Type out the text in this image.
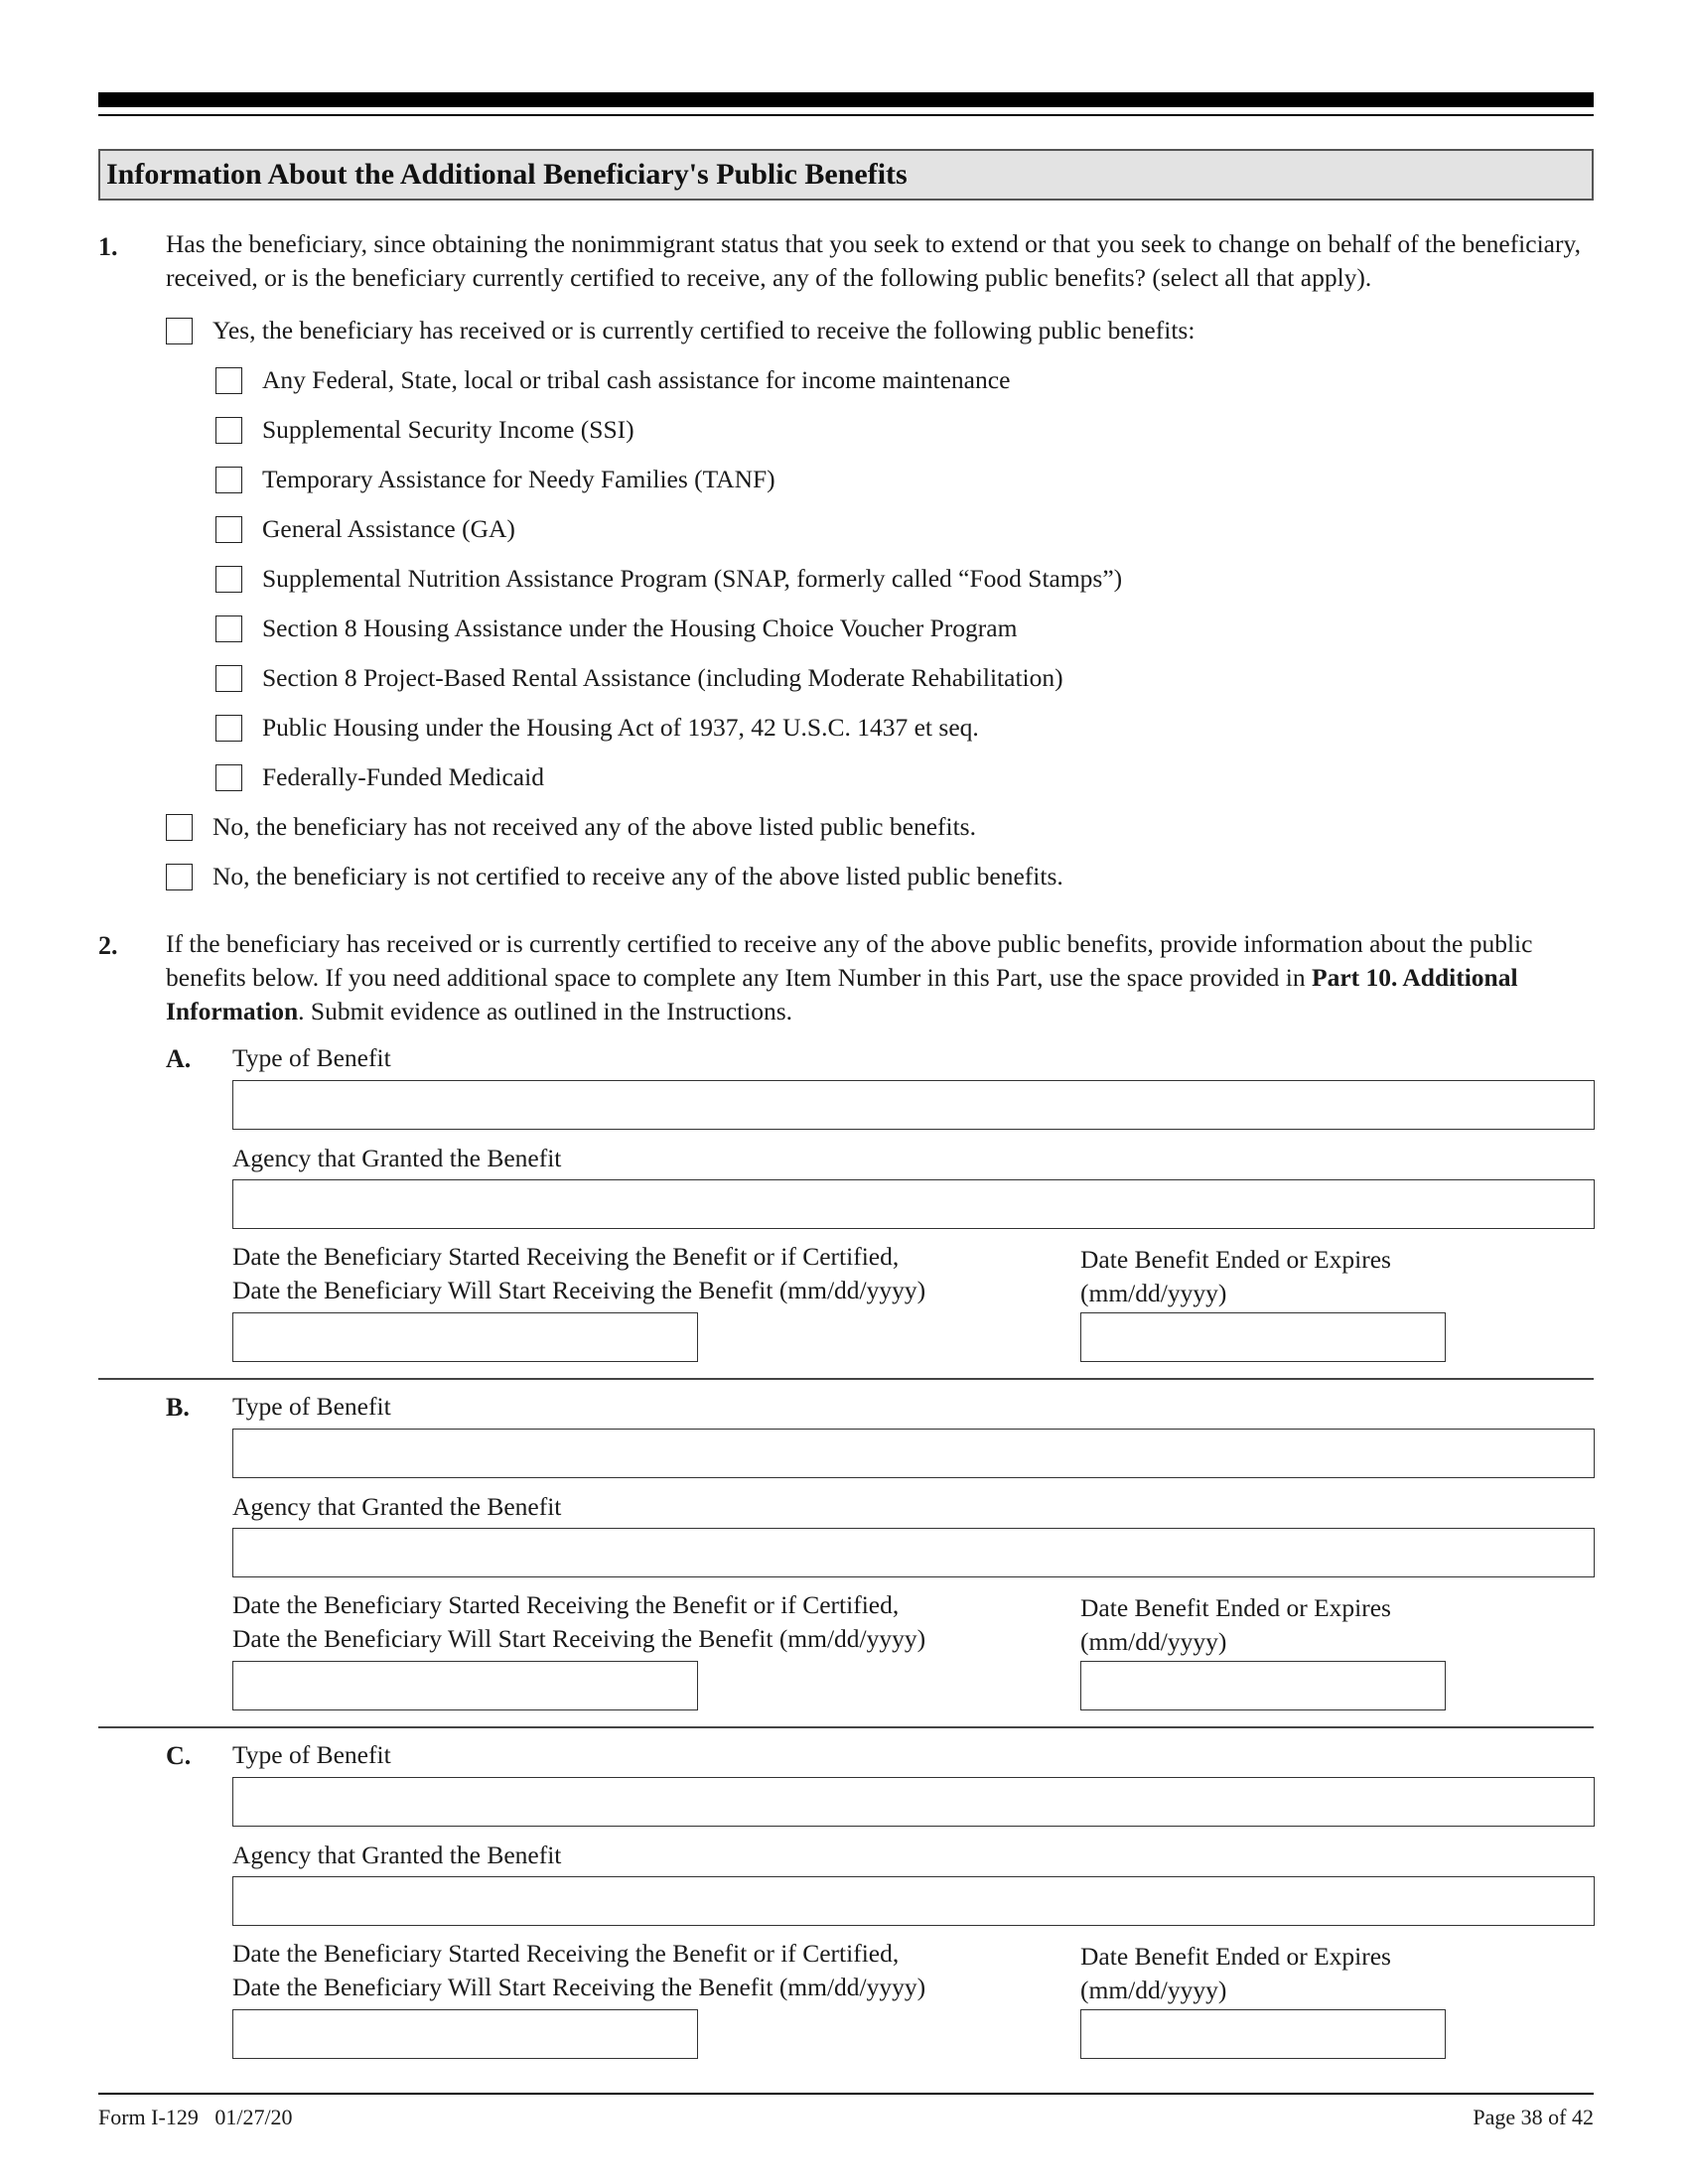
Information About the Additional Beneficiary's Public Benefits
1. Has the beneficiary, since obtaining the nonimmigrant status that you seek to extend or that you seek to change on behalf of the beneficiary, received, or is the beneficiary currently certified to receive, any of the following public benefits? (select all that apply).
Yes, the beneficiary has received or is currently certified to receive the following public benefits:
Any Federal, State, local or tribal cash assistance for income maintenance
Supplemental Security Income (SSI)
Temporary Assistance for Needy Families (TANF)
General Assistance (GA)
Supplemental Nutrition Assistance Program (SNAP, formerly called “Food Stamps”)
Section 8 Housing Assistance under the Housing Choice Voucher Program
Section 8 Project-Based Rental Assistance (including Moderate Rehabilitation)
Public Housing under the Housing Act of 1937, 42 U.S.C. 1437 et seq.
Federally-Funded Medicaid
No, the beneficiary has not received any of the above listed public benefits.
No, the beneficiary is not certified to receive any of the above listed public benefits.
2. If the beneficiary has received or is currently certified to receive any of the above public benefits, provide information about the public benefits below. If you need additional space to complete any Item Number in this Part, use the space provided in Part 10. Additional Information. Submit evidence as outlined in the Instructions.
A. Type of Benefit
Agency that Granted the Benefit
Date the Beneficiary Started Receiving the Benefit or if Certified,
Date the Beneficiary Will Start Receiving the Benefit (mm/dd/yyyy)
Date Benefit Ended or Expires
(mm/dd/yyyy)
B. Type of Benefit
Agency that Granted the Benefit
Date the Beneficiary Started Receiving the Benefit or if Certified,
Date the Beneficiary Will Start Receiving the Benefit (mm/dd/yyyy)
Date Benefit Ended or Expires
(mm/dd/yyyy)
C. Type of Benefit
Agency that Granted the Benefit
Date the Beneficiary Started Receiving the Benefit or if Certified,
Date the Beneficiary Will Start Receiving the Benefit (mm/dd/yyyy)
Date Benefit Ended or Expires
(mm/dd/yyyy)
Form I-129   01/27/20	Page 38 of 42
